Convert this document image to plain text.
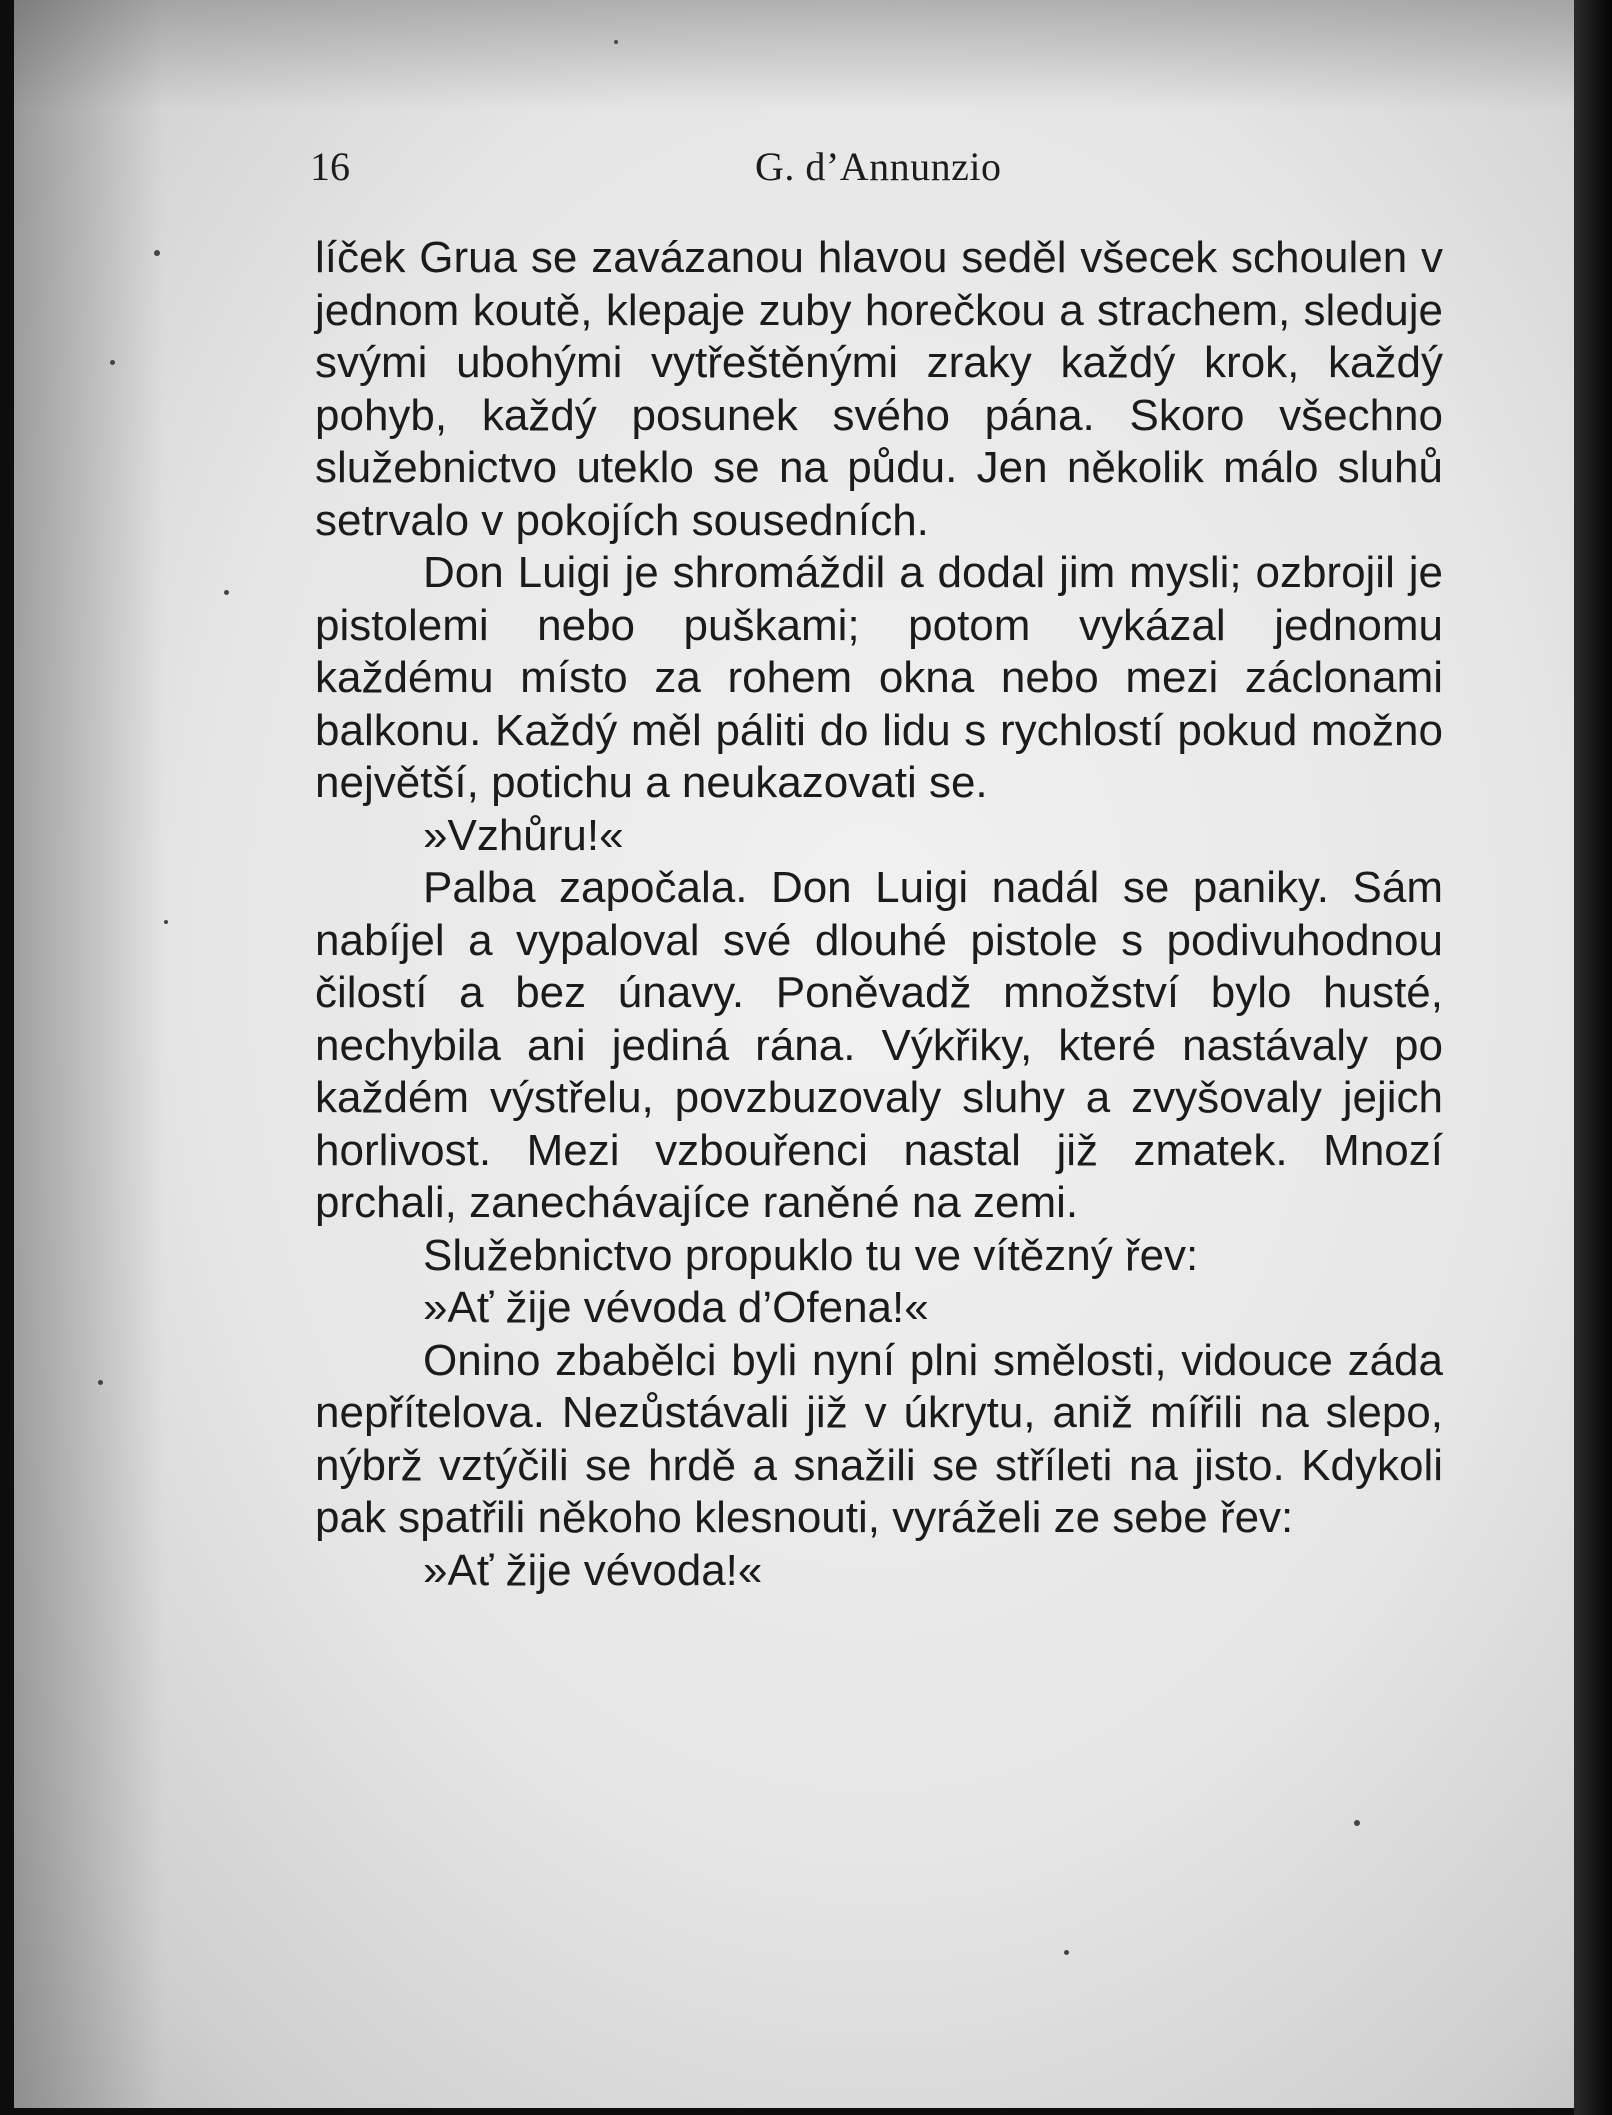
16	G. d’Annunzio

líček Grua se zavázanou hlavou seděl všecek schoulen v jednom koutě, klepaje zuby horečkou a strachem, sleduje svými ubohými vytřeštěnými zraky každý krok, každý pohyb, každý posunek svého pána. Skoro všechno služebnictvo uteklo se na půdu. Jen několik málo sluhů setrvalo v pokojích sousedních.

Don Luigi je shromáždil a dodal jim mysli; ozbrojil je pistolemi nebo puškami; potom vykázal jednomu každému místo za rohem okna nebo mezi záclonami balkonu. Každý měl páliti do lidu s rychlostí pokud možno největší, potichu a neukazovati se.

»Vzhůru!«

Palba započala. Don Luigi nadál se paniky. Sám nabíjel a vypaloval své dlouhé pistole s podivuhodnou čilostí a bez únavy. Poněvadž množství bylo husté, nechybila ani jediná rána. Výkřiky, které nastávaly po každém výstřelu, povzbuzovaly sluhy a zvyšovaly jejich horlivost. Mezi vzbouřenci nastal již zmatek. Mnozí prchali, zanechávajíce raněné na zemi.

Služebnictvo propuklo tu ve vítězný řev:

»Ať žije vévoda d’Ofena!«

Onino zbabělci byli nyní plni smělosti, vidouce záda nepřítelova. Nezůstávali již v úkrytu, aniž mířili na slepo, nýbrž vztýčili se hrdě a snažili se stříleti na jisto. Kdykoli pak spatřili někoho klesnouti, vyráželi ze sebe řev:

»Ať žije vévoda!«
